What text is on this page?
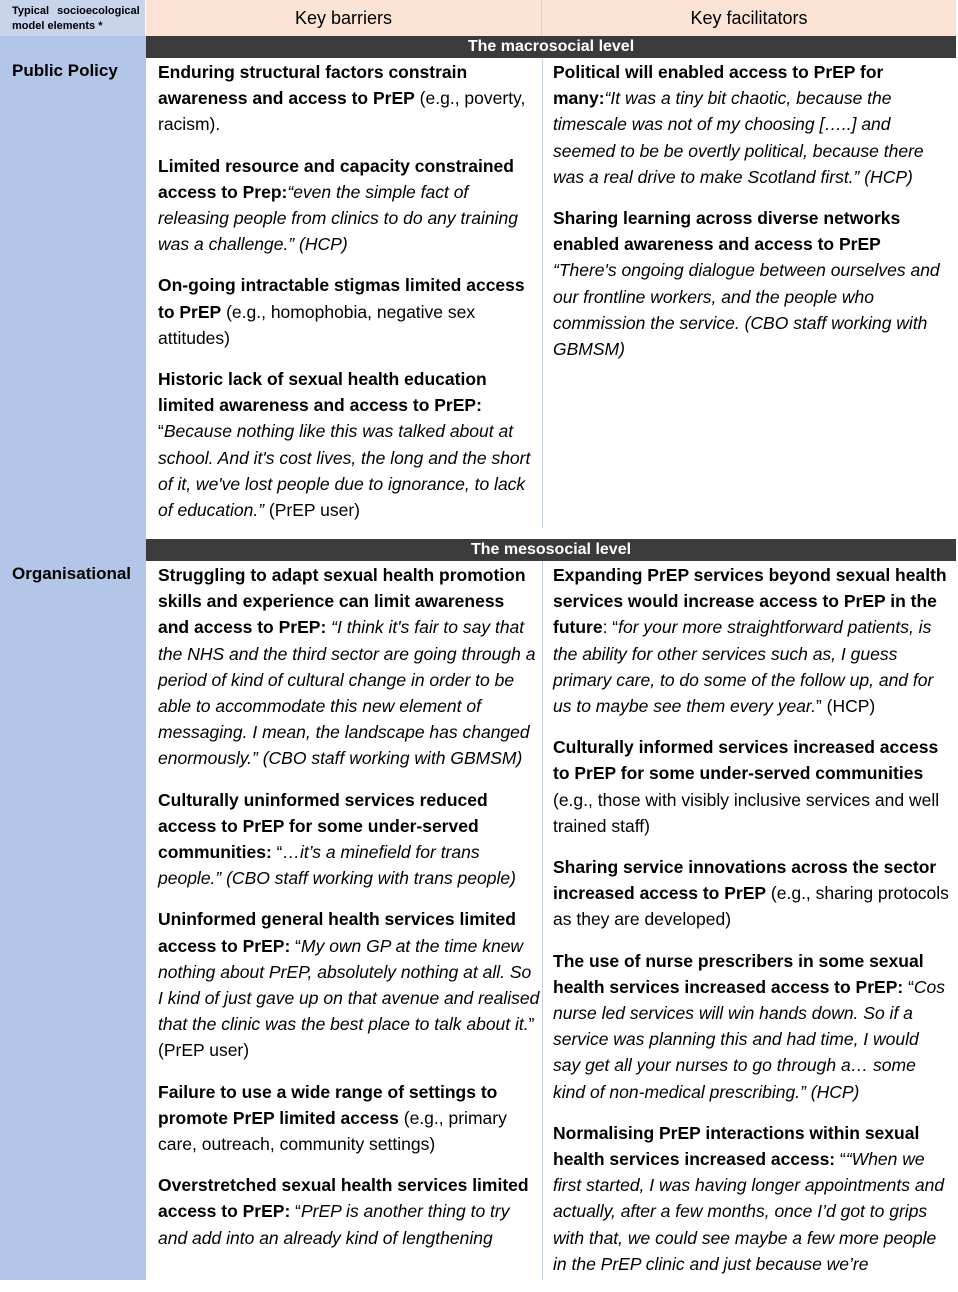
Typical socioecological
model elements *	Key barriers	Key facilitators
Public Policy
Organisational
The macrosocial level
The mesosocial level

Enduring structural factors constrain awareness and access to PrEP (e.g., poverty, racism).

Limited resource and capacity constrained access to Prep:“even the simple fact of releasing people from clinics to do any training was a challenge.” (HCP)

On-going intractable stigmas limited access to PrEP (e.g., homophobia, negative sex attitudes)

Historic lack of sexual health education limited awareness and access to PrEP: “Because nothing like this was talked about at school. And it's cost lives, the long and the short of it, we've lost people due to ignorance, to lack of education.” (PrEP user)

Political will enabled access to PrEP for many:“It was a tiny bit chaotic, because the timescale was not of my choosing […..] and seemed to be be overtly political, because there was a real drive to make Scotland first.” (HCP)

Sharing learning across diverse networks enabled awareness and access to PrEP “There's ongoing dialogue between ourselves and our frontline workers, and the people who commission the service. (CBO staff working with GBMSM)

Struggling to adapt sexual health promotion skills and experience can limit awareness and access to PrEP: “I think it's fair to say that the NHS and the third sector are going through a period of kind of cultural change in order to be able to accommodate this new element of messaging. I mean, the landscape has changed enormously.” (CBO staff working with GBMSM)

Culturally uninformed services reduced access to PrEP for some under-served communities: “…it’s a minefield for trans people.” (CBO staff working with trans people)

Uninformed general health services limited access to PrEP: “My own GP at the time knew nothing about PrEP, absolutely nothing at all. So I kind of just gave up on that avenue and realised that the clinic was the best place to talk about it.” (PrEP user)

Failure to use a wide range of settings to promote PrEP limited access (e.g., primary care, outreach, community settings)

Overstretched sexual health services limited access to PrEP: “PrEP is another thing to try and add into an already kind of lengthening

Expanding PrEP services beyond sexual health services would increase access to PrEP in the future: “for your more straightforward patients, is the ability for other services such as, I guess primary care, to do some of the follow up, and for us to maybe see them every year.” (HCP)

Culturally informed services increased access to PrEP for some under-served communities (e.g., those with visibly inclusive services and well trained staff)

Sharing service innovations across the sector increased access to PrEP (e.g., sharing protocols as they are developed)

The use of nurse prescribers in some sexual health services increased access to PrEP: “Cos nurse led services will win hands down. So if a service was planning this and had time, I would say get all your nurses to go through a… some kind of non-medical prescribing.” (HCP)

Normalising PrEP interactions within sexual health services increased access: ““When we first started, I was having longer appointments and actually, after a few months, once I’d got to grips with that, we could see maybe a few more people in the PrEP clinic and just because we’re
